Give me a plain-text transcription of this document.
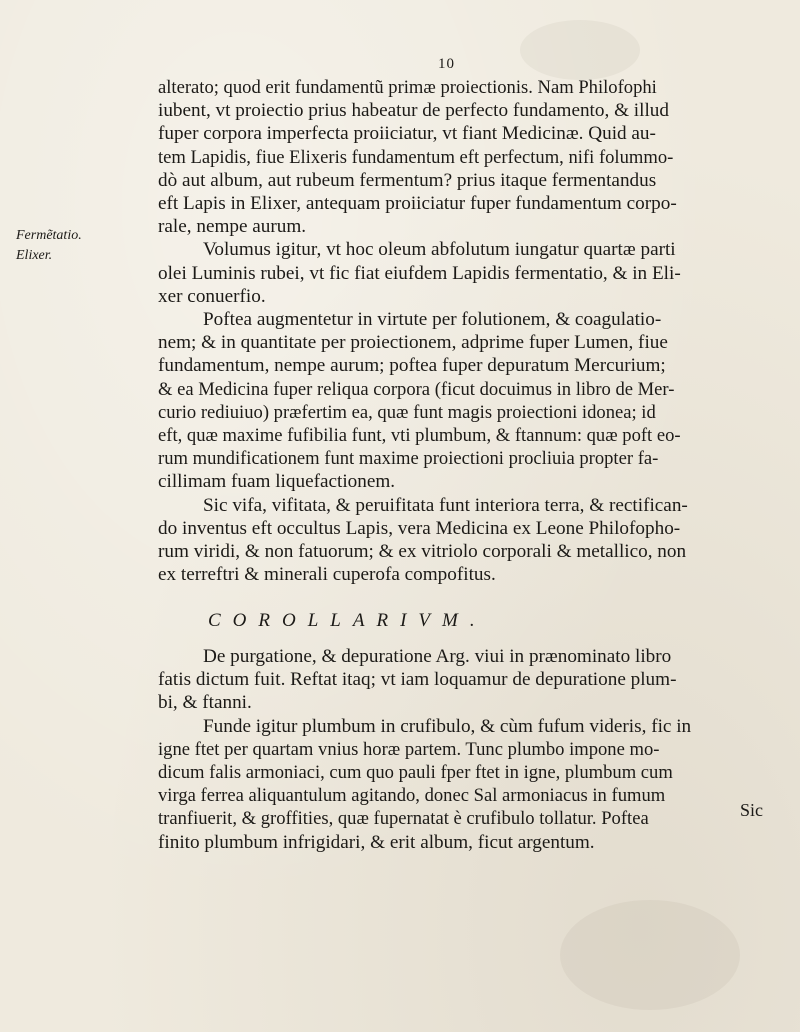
10
Fermẽtatio.
Elixer.
alterato; quod erit fundamentũ primæ proiectionis. Nam Philofophi
iubent, vt proiectio prius habeatur de perfecto fundamento, & illud
fuper corpora imperfecta proiiciatur, vt fiant Medicinæ. Quid au-
tem Lapidis, fiue Elixeris fundamentum eft perfectum, nifi folummo-
dò aut album, aut rubeum fermentum? prius itaque fermentandus
eft Lapis in Elixer, antequam proiiciatur fuper fundamentum corpo-
rale, nempe aurum.
Volumus igitur, vt hoc oleum abfolutum iungatur quartæ parti
olei Luminis rubei, vt fic fiat eiufdem Lapidis fermentatio, & in Eli-
xer conuerfio.
Poftea augmentetur in virtute per folutionem, & coagulatio-
nem; & in quantitate per proiectionem, adprime fuper Lumen, fiue
fundamentum, nempe aurum; poftea fuper depuratum Mercurium;
& ea Medicina fuper reliqua corpora (ficut docuimus in libro de Mer-
curio rediuiuo) præfertim ea, quæ funt magis proiectioni idonea; id
eft, quæ maxime fufibilia funt, vti plumbum, & ftannum: quæ poft eo-
rum mundificationem funt maxime proiectioni procliuia propter fa-
cillimam fuam liquefactionem.
Sic vifa, vifitata, & peruifitata funt interiora terra, & rectifican-
do inventus eft occultus Lapis, vera Medicina ex Leone Philofopho-
rum viridi, & non fatuorum; & ex vitriolo corporali & metallico, non
ex terreftri & minerali cuperofa compofitus.
COROLLARIVM.
De purgatione, & depuratione Arg. viui in prænominato libro
fatis dictum fuit. Reftat itaq; vt iam loquamur de depuratione plum-
bi, & ftanni.
Funde igitur plumbum in crufibulo, & cùm fufum videris, fic in
igne ftet per quartam vnius horæ partem. Tunc plumbo impone mo-
dicum falis armoniaci, cum quo pauli fper ftet in igne, plumbum cum
virga ferrea aliquantulum agitando, donec Sal armoniacus in fumum
tranfiuerit, & groffities, quæ fupernatat è crufibulo tollatur. Poftea
finito plumbum infrigidari, & erit album, ficut argentum.
Sic
